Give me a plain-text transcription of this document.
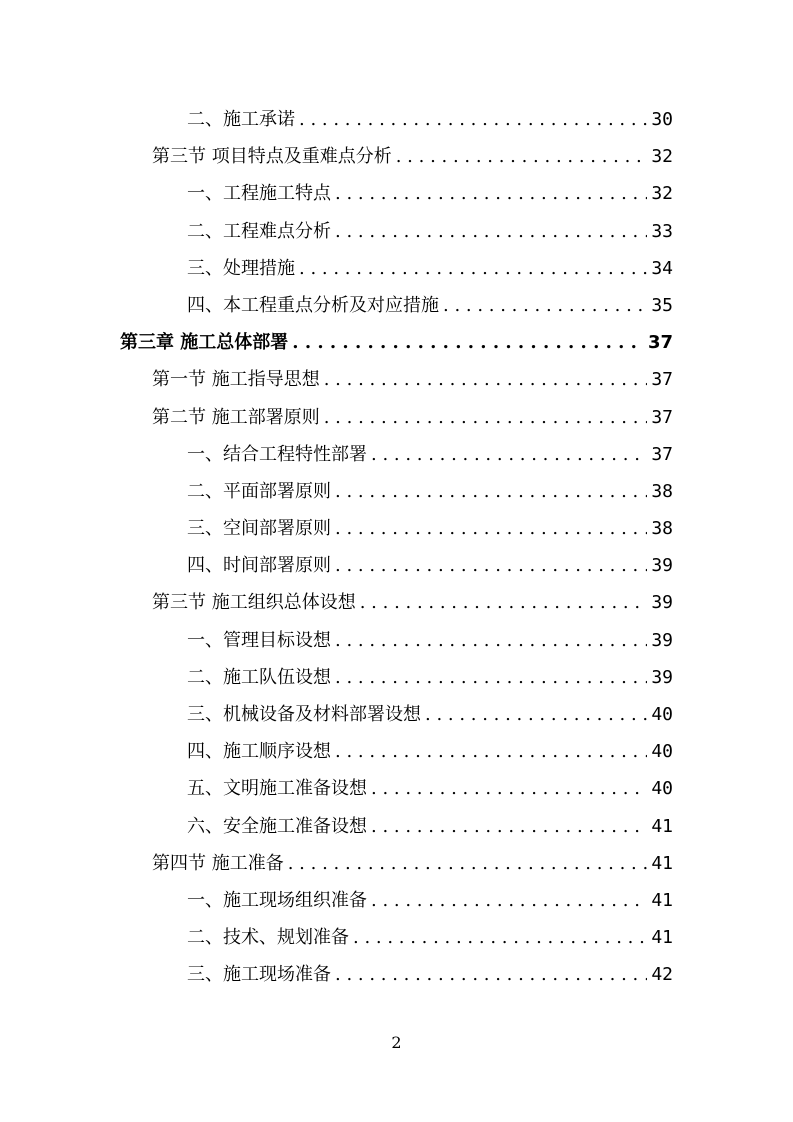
二、施工承诺 . . .	30
第三节 项目特点及重难点分析 . . .	32
一、工程施工特点 . . .	32
二、工程难点分析 . . .	33
三、处理措施 . . .	34
四、本工程重点分析及对应措施 . . .	35
第三章 施工总体部署 . . .	37
第一节 施工指导思想 . . .	37
第二节 施工部署原则 . . .	37
一、结合工程特性部署 . . .	37
二、平面部署原则 . . .	38
三、空间部署原则 . . .	38
四、时间部署原则 . . .	39
第三节 施工组织总体设想 . . .	39
一、管理目标设想 . . .	39
二、施工队伍设想 . . .	39
三、机械设备及材料部署设想 . . .	40
四、施工顺序设想 . . .	40
五、文明施工准备设想 . . .	40
六、安全施工准备设想 . . .	41
第四节 施工准备 . . .	41
一、施工现场组织准备 . . .	41
二、技术、规划准备 . . .	41
三、施工现场准备 . . .	42
2
